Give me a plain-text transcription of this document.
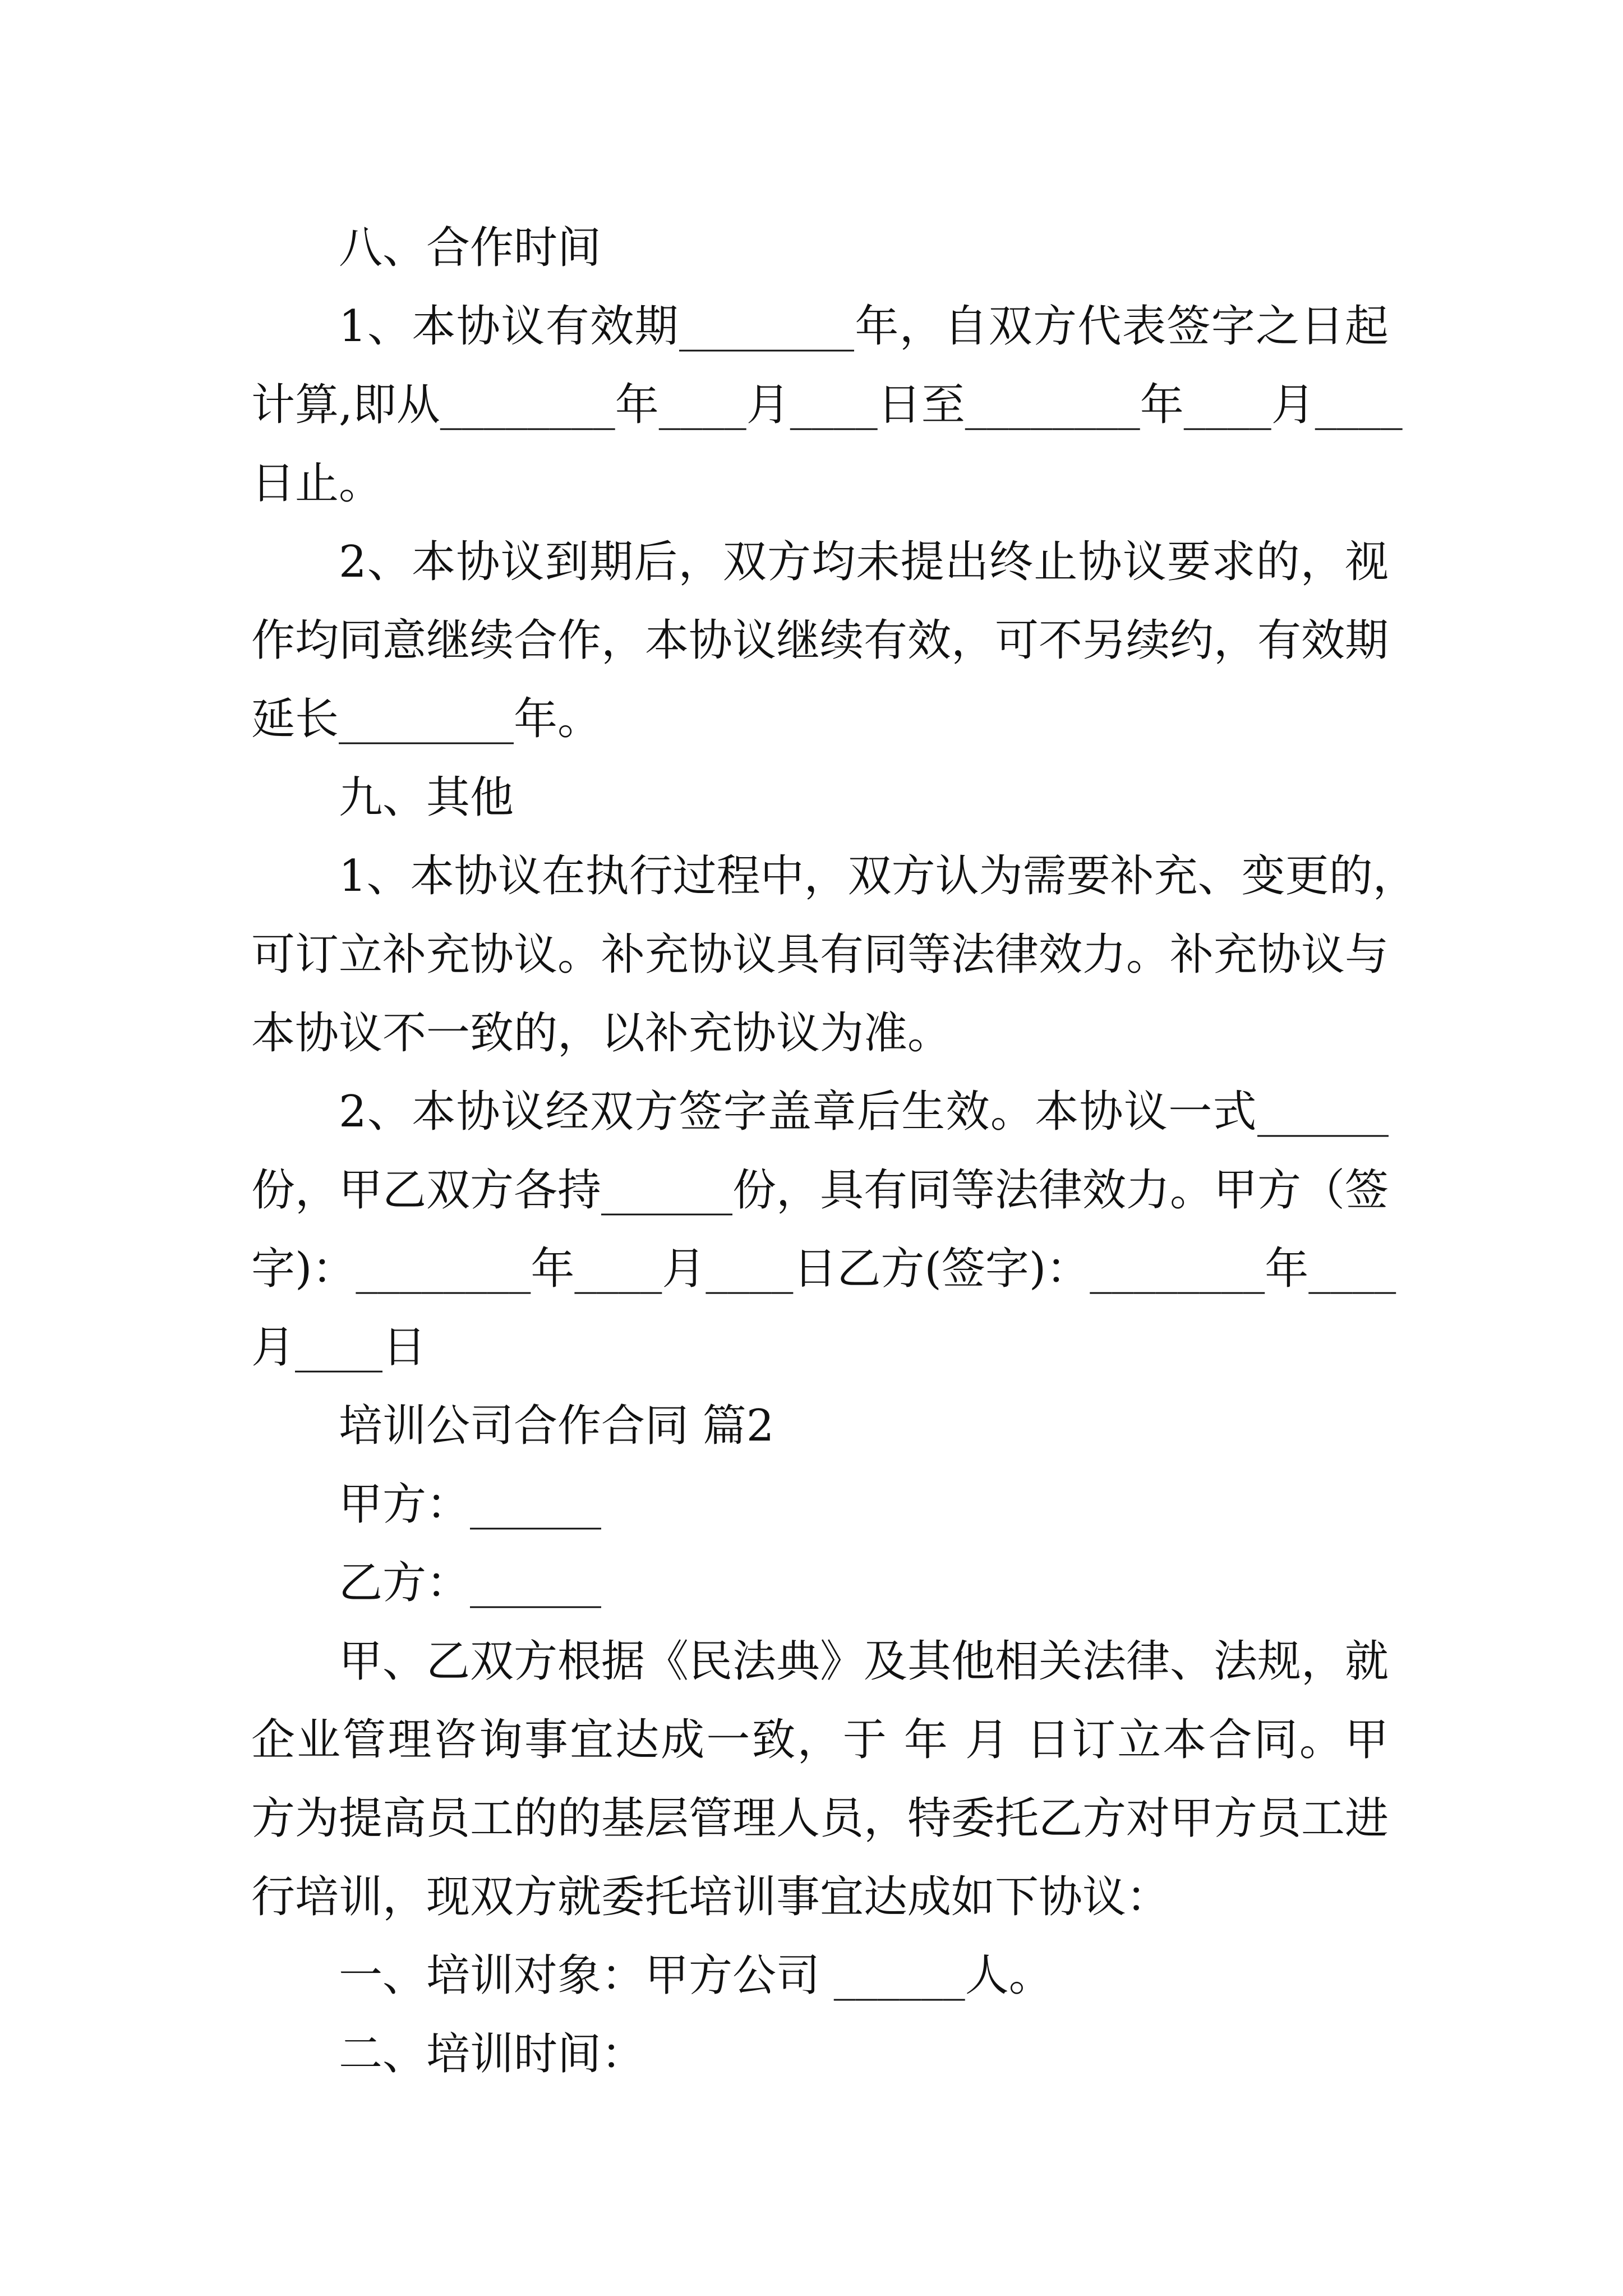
八、合作时间
1、本协议有效期________年，自双方代表签字之日起
计算,即从________年____月____日至________年____月____
日止。
2、本协议到期后，双方均未提出终止协议要求的，视
作均同意继续合作，本协议继续有效，可不另续约，有效期
延长________年。
九、其他
1、本协议在执行过程中，双方认为需要补充、变更的，
可订立补充协议。补充协议具有同等法律效力。补充协议与
本协议不一致的，以补充协议为准。
2、本协议经双方签字盖章后生效。本协议一式______
份，甲乙双方各持______份，具有同等法律效力。甲方（签
字)：________年____月____日乙方(签字)：________年____
月____日
培训公司合作合同 篇2
甲方：______
乙方：______
甲、乙双方根据《民法典》及其他相关法律、法规，就
企业管理咨询事宜达成一致，于 年 月 日订立本合同。甲
方为提高员工的的基层管理人员，特委托乙方对甲方员工进
行培训，现双方就委托培训事宜达成如下协议：
一、培训对象：甲方公司 ______人。
二、培训时间：
